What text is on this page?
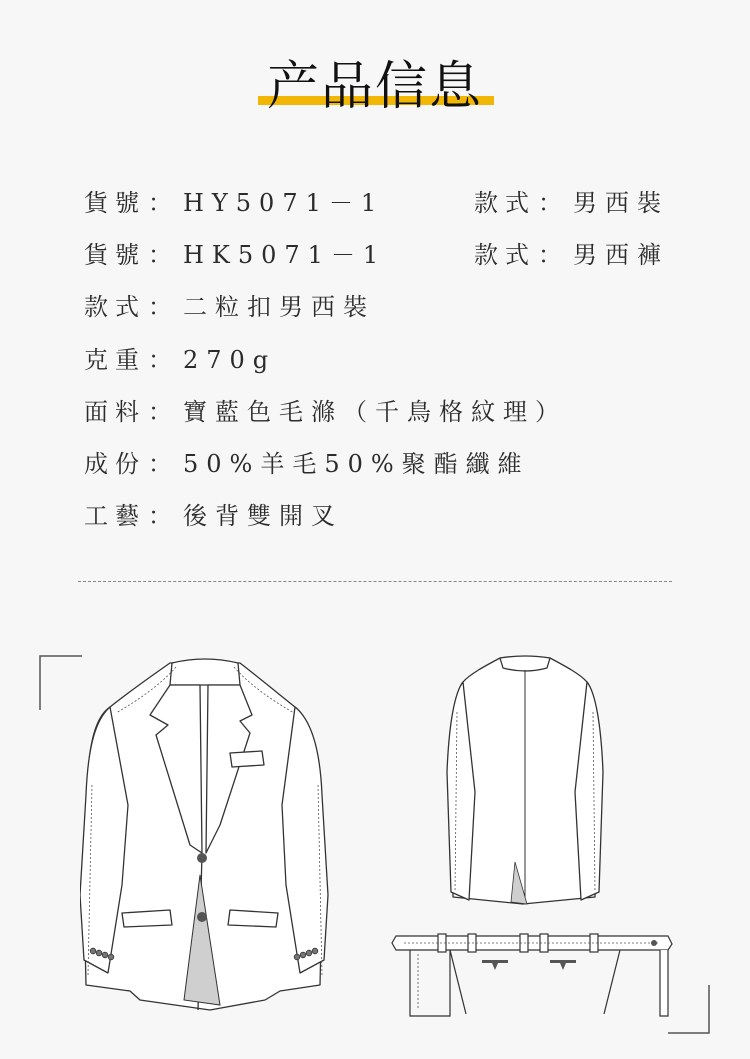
产品信息
貨號： HY5071－1	款式： 男西裝
貨號： HK5071－1	款式： 男西褲
款式： 二粒扣男西裝
克重： 270g
面料： 寶藍色毛滌（千鳥格紋理）
成份： 50%羊毛50%聚酯纖維
工藝： 後背雙開叉
